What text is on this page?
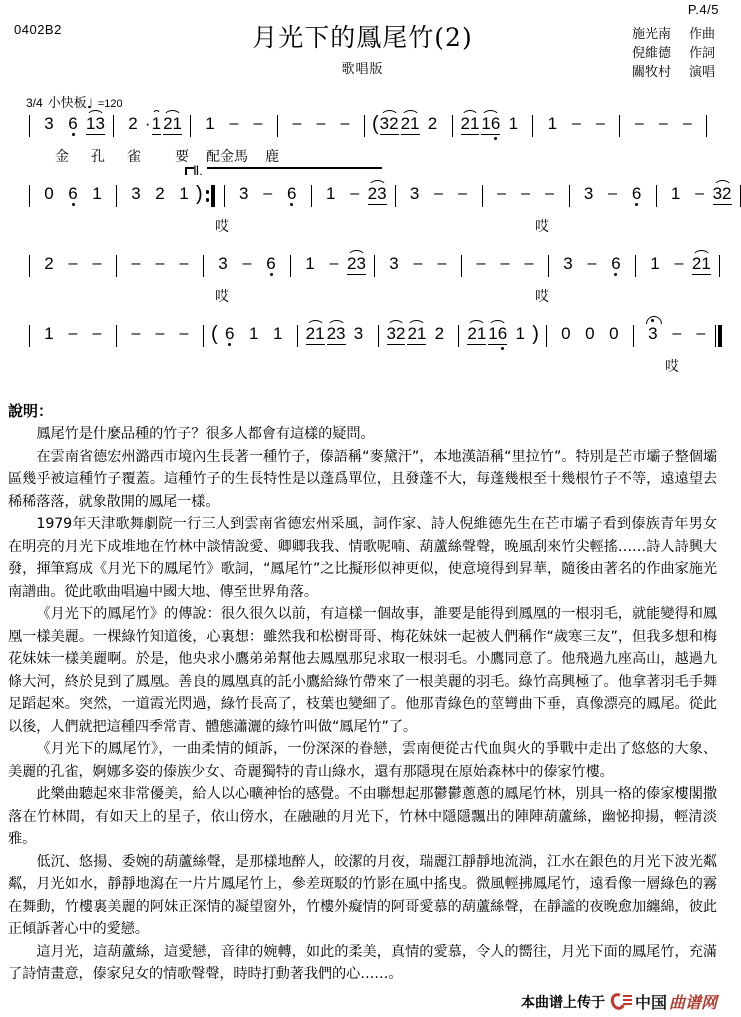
P.4/5
0402B2	月光下的鳳尾竹(2)
歌唱版
施光南 作曲
倪維德 作詞
關牧村 演唱
3/4 小快板♩ =120
3 6 13	2 · 1 21	1 – –	– – –	( 32 21 2	21 16 1	1 – –	– – –
金 孔 雀 要 配金馬 鹿
0 6 1	3 2 1 )	3 – 6	1 – 23	3 – –	– – –	3 – 6	1 – 32
Ⅱ.
哎	哎
2 – –	– – –	3 – 6	1 – 23	3 – –	– – –	3 – 6	1 – 21
哎	哎
1 – –	– – –	( 6 1 1	21 23 3	32 21 2	21 16 1 )	0 0 0	3 – –
哎
說明：

鳳尾竹是什麼品種的竹子？很多人都會有這樣的疑問。

在雲南省德宏州潞西市境內生長著一種竹子，傣語稱“麥黛汗”，本地漢語稱“里拉竹”。特別是芒市壩子整個壩區幾乎被這種竹子覆蓋。這種竹子的生長特性是以蓬爲單位，且發蓬不大，每蓬幾根至十幾根竹子不等，遠遠望去稀稀落落，就象散開的鳳尾一樣。

1979年天津歌舞劇院一行三人到雲南省德宏州采風，詞作家、詩人倪維德先生在芒市壩子看到傣族青年男女在明亮的月光下成堆地在竹林中談情說愛、卿卿我我、情歌呢喃、葫蘆絲聲聲，晚風刮來竹尖輕搖……詩人詩興大發，揮筆寫成《月光下的鳳尾竹》歌詞，“鳳尾竹”之比擬形似神更似，使意境得到昇華，隨後由著名的作曲家施光南譜曲。從此歌曲唱遍中國大地、傳至世界角落。

《月光下的鳳尾竹》的傳說：很久很久以前，有這樣一個故事，誰要是能得到鳳凰的一根羽毛，就能變得和鳳凰一樣美麗。一棵綠竹知道後，心裏想：雖然我和松樹哥哥、梅花妹妹一起被人們稱作“歲寒三友”，但我多想和梅花妹妹一樣美麗啊。於是，他央求小鷹弟弟幫他去鳳凰那兒求取一根羽毛。小鷹同意了。他飛過九座高山，越過九條大河，終於見到了鳳凰。善良的鳳凰真的託小鷹給綠竹帶來了一根美麗的羽毛。綠竹高興極了。他拿著羽毛手舞足蹈起來。突然，一道霞光閃過，綠竹長高了，枝葉也變細了。他那青綠色的莖彎曲下垂，真像漂亮的鳳尾。從此以後，人們就把這種四季常青、體態瀟灑的綠竹叫做“鳳尾竹”了。

《月光下的鳳尾竹》，一曲柔情的傾訴，一份深深的眷戀，雲南便從古代血與火的爭戰中走出了悠悠的大象、美麗的孔雀，婀娜多姿的傣族少女、奇麗獨特的青山綠水，還有那隱現在原始森林中的傣家竹樓。

此樂曲聽起來非常優美，給人以心曠神怡的感覺。不由聯想起那鬱鬱蔥蔥的鳳尾竹林，別具一格的傣家樓閣撒落在竹林間，有如天上的星子，依山傍水，在融融的月光下，竹林中隱隱飄出的陣陣葫蘆絲，幽怭抑揚，輕清淡雅。

低沉、悠揚、委婉的葫蘆絲聲，是那樣地醉人，皎潔的月夜，瑞麗江靜靜地流淌，江水在銀色的月光下波光粼粼，月光如水，靜靜地瀉在一片片鳳尾竹上，參差斑駁的竹影在風中搖曳。微風輕拂鳳尾竹，遠看像一層綠色的霧在舞動，竹樓裏美麗的阿妹正深情的凝望窗外，竹樓外癡情的阿哥愛慕的葫蘆絲聲，在靜謐的夜晚愈加纏綿，彼此正傾訴著心中的愛戀。

這月光，這葫蘆絲，這愛戀，音律的婉轉，如此的柔美，真情的愛慕，令人的嚮往，月光下面的鳳尾竹，充滿了詩情畫意，傣家兒女的情歌聲聲，時時打動著我們的心……。

本曲谱上传于 中国 曲谱网
